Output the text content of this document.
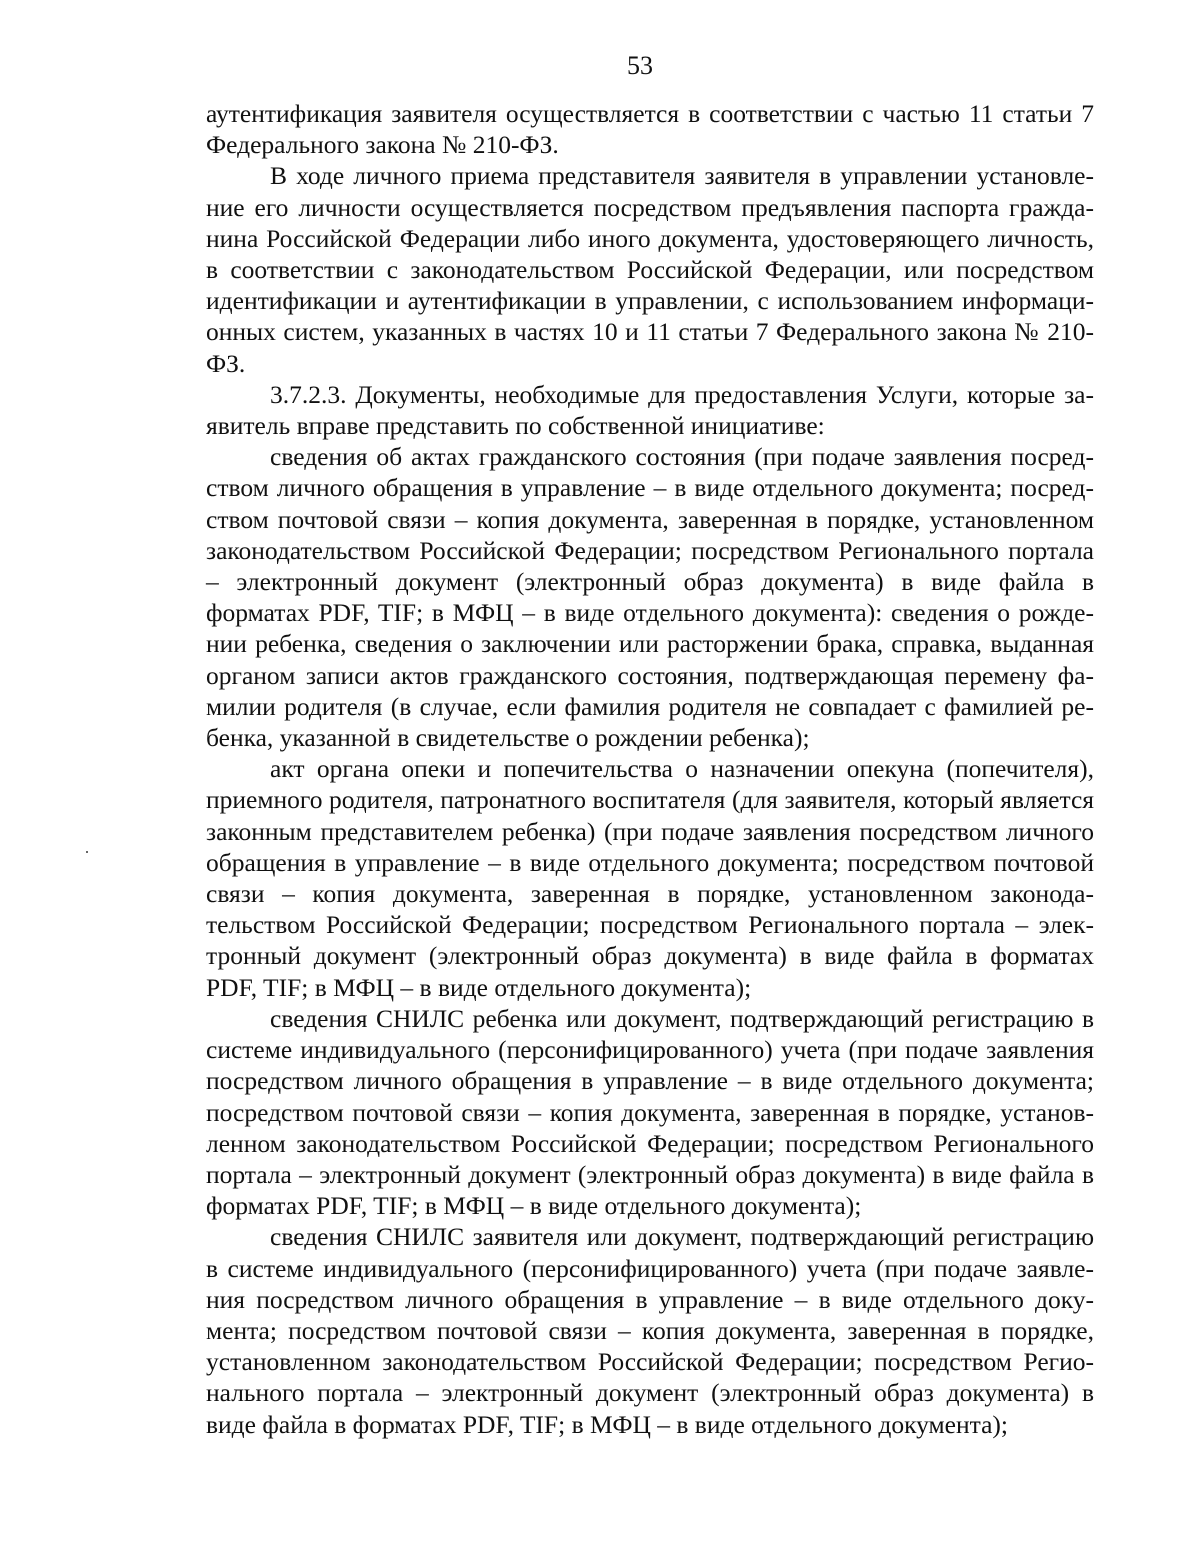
53

аутентификация заявителя осуществляется в соответствии с частью 11 статьи 7 Федерального закона № 210-ФЗ.

В ходе личного приема представителя заявителя в управлении установление его личности осуществляется посредством предъявления паспорта гражданина Российской Федерации либо иного документа, удостоверяющего личность, в соответствии с законодательством Российской Федерации, или посредством идентификации и аутентификации в управлении, с использованием информационных систем, указанных в частях 10 и 11 статьи 7 Федерального закона № 210-ФЗ.

3.7.2.3. Документы, необходимые для предоставления Услуги, которые заявитель вправе представить по собственной инициативе:

сведения об актах гражданского состояния (при подаче заявления посредством личного обращения в управление – в виде отдельного документа; посредством почтовой связи – копия документа, заверенная в порядке, установленном законодательством Российской Федерации; посредством Регионального портала – электронный документ (электронный образ документа) в виде файла в форматах PDF, TIF; в МФЦ – в виде отдельного документа): сведения о рождении ребенка, сведения о заключении или расторжении брака, справка, выданная органом записи актов гражданского состояния, подтверждающая перемену фамилии родителя (в случае, если фамилия родителя не совпадает с фамилией ребенка, указанной в свидетельстве о рождении ребенка);

акт органа опеки и попечительства о назначении опекуна (попечителя), приемного родителя, патронатного воспитателя (для заявителя, который является законным представителем ребенка) (при подаче заявления посредством личного обращения в управление – в виде отдельного документа; посредством почтовой связи – копия документа, заверенная в порядке, установленном законодательством Российской Федерации; посредством Регионального портала – электронный документ (электронный образ документа) в виде файла в форматах PDF, TIF; в МФЦ – в виде отдельного документа);

сведения СНИЛС ребенка или документ, подтверждающий регистрацию в системе индивидуального (персонифицированного) учета (при подаче заявления посредством личного обращения в управление – в виде отдельного документа; посредством почтовой связи – копия документа, заверенная в порядке, установленном законодательством Российской Федерации; посредством Регионального портала – электронный документ (электронный образ документа) в виде файла в форматах PDF, TIF; в МФЦ – в виде отдельного документа);

сведения СНИЛС заявителя или документ, подтверждающий регистрацию в системе индивидуального (персонифицированного) учета (при подаче заявления посредством личного обращения в управление – в виде отдельного документа; посредством почтовой связи – копия документа, заверенная в порядке, установленном законодательством Российской Федерации; посредством Регионального портала – электронный документ (электронный образ документа) в виде файла в форматах PDF, TIF; в МФЦ – в виде отдельного документа);
